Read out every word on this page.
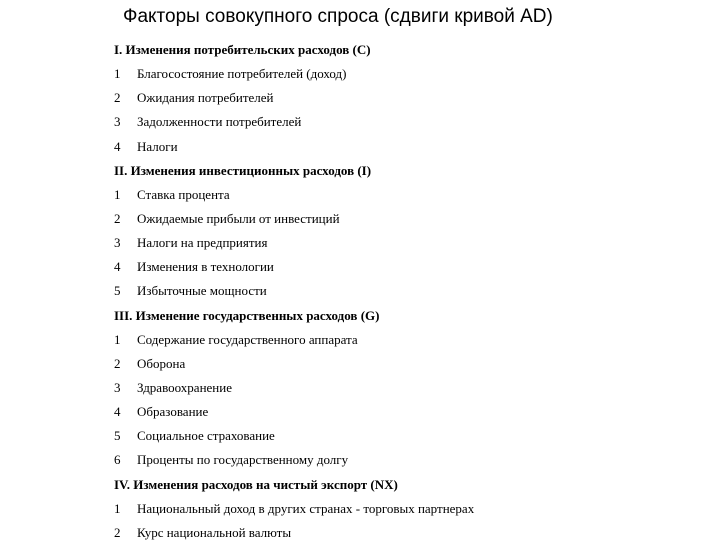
Факторы совокупного спроса (сдвиги кривой AD)
I. Изменения потребительских расходов (С)
1	Благосостояние потребителей (доход)
2	Ожидания потребителей
3	Задолженности потребителей
4	Налоги
II. Изменения инвестиционных расходов (I)
1	Ставка процента
2	Ожидаемые прибыли от инвестиций
3	Налоги на предприятия
4	Изменения в технологии
5	Избыточные мощности
III. Изменение государственных расходов (G)
1	Содержание государственного аппарата
2	Оборона
3	Здравоохранение
4	Образование
5	Социальное страхование
6	Проценты по государственному долгу
IV. Изменения расходов на чистый экспорт (NX)
1	Национальный доход в других странах - торговых партнерах
2	Курс национальной валюты
